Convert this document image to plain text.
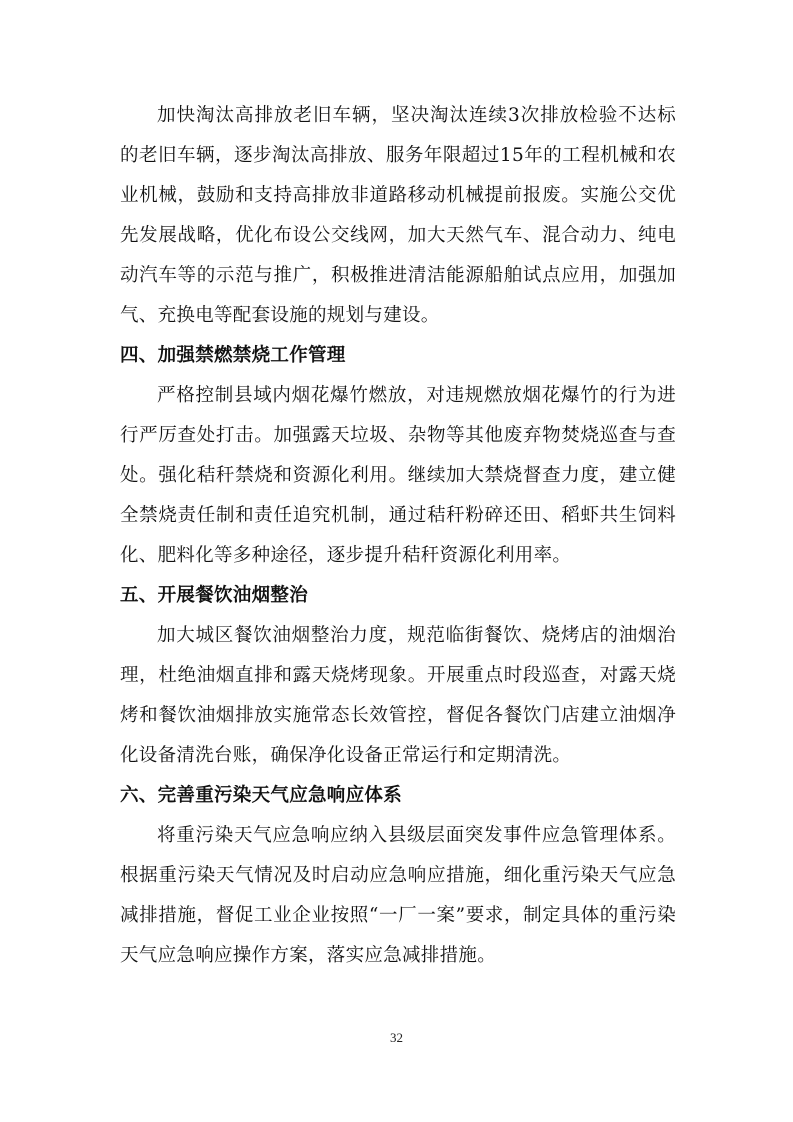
加快淘汰高排放老旧车辆，坚决淘汰连续3次排放检验不达标的老旧车辆，逐步淘汰高排放、服务年限超过15年的工程机械和农业机械，鼓励和支持高排放非道路移动机械提前报废。实施公交优先发展战略，优化布设公交线网，加大天然气车、混合动力、纯电动汽车等的示范与推广，积极推进清洁能源船舶试点应用，加强加气、充换电等配套设施的规划与建设。

四、加强禁燃禁烧工作管理

严格控制县域内烟花爆竹燃放，对违规燃放烟花爆竹的行为进行严厉查处打击。加强露天垃圾、杂物等其他废弃物焚烧巡查与查处。强化秸秆禁烧和资源化利用。继续加大禁烧督查力度，建立健全禁烧责任制和责任追究机制，通过秸秆粉碎还田、稻虾共生饲料化、肥料化等多种途径，逐步提升秸秆资源化利用率。

五、开展餐饮油烟整治

加大城区餐饮油烟整治力度，规范临街餐饮、烧烤店的油烟治理，杜绝油烟直排和露天烧烤现象。开展重点时段巡查，对露天烧烤和餐饮油烟排放实施常态长效管控，督促各餐饮门店建立油烟净化设备清洗台账，确保净化设备正常运行和定期清洗。

六、完善重污染天气应急响应体系

将重污染天气应急响应纳入县级层面突发事件应急管理体系。根据重污染天气情况及时启动应急响应措施，细化重污染天气应急减排措施，督促工业企业按照“一厂一案”要求，制定具体的重污染天气应急响应操作方案，落实应急减排措施。

32
